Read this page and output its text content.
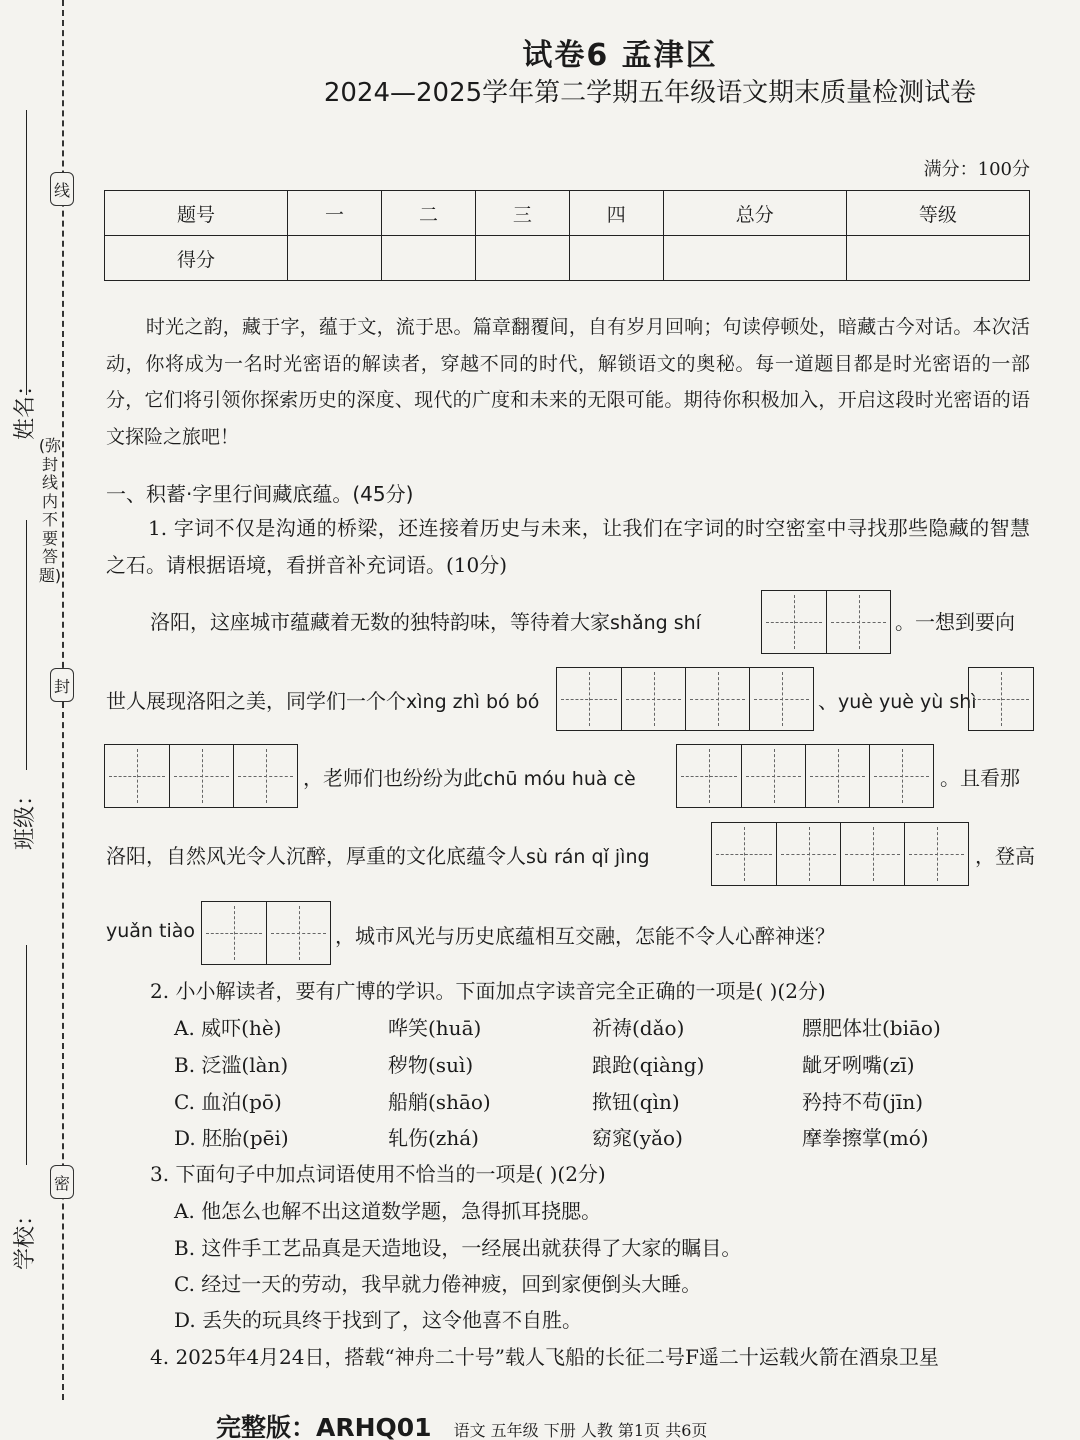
姓名：
班级：
学校：
线
(弥封线内不要答题)
封
密
试卷6 孟津区
2024—2025学年第二学期五年级语文期末质量检测试卷
满分：100分
题号	一	二	三	四	总分	等级
得分						
时光之韵，藏于字，蕴于文，流于思。篇章翻覆间，自有岁月回响；句读停顿处，暗藏古今对话。本次活动，你将成为一名时光密语的解读者，穿越不同的时代，解锁语文的奥秘。每一道题目都是时光密语的一部分，它们将引领你探索历史的深度、现代的广度和未来的无限可能。期待你积极加入，开启这段时光密语的语文探险之旅吧！
一、积蓄·字里行间藏底蕴。(45分)
1. 字词不仅是沟通的桥梁，还连接着历史与未来，让我们在字词的时空密室中寻找那些隐藏的智慧之石。请根据语境，看拼音补充词语。(10分)
洛阳，这座城市蕴藏着无数的独特韵味，等待着大家shǎng shí	。一想到要向
世人展现洛阳之美，同学们一个个xìng zhì bó bó	、yuè yuè yù shì
，老师们也纷纷为此chū móu huà cè	。且看那
洛阳，自然风光令人沉醉，厚重的文化底蕴令人sù rán qǐ jìng	，登高
yuǎn tiào	，城市风光与历史底蕴相互交融，怎能不令人心醉神迷？
2. 小小解读者，要有广博的学识。下面加点字读音完全正确的一项是( )(2分)
A. 威吓(hè)	哗笑(huā)	祈祷(dǎo)	膘肥体壮(biāo)
B. 泛滥(làn)	秽物(suì)	踉跄(qiàng)	龇牙咧嘴(zī)
C. 血泊(pō)	船艄(shāo)	揿钮(qìn)	矜持不苟(jīn)
D. 胚胎(pēi)	轧伤(zhá)	窈窕(yǎo)	摩拳擦掌(mó)
3. 下面句子中加点词语使用不恰当的一项是( )(2分)
A. 他怎么也解不出这道数学题，急得抓耳挠腮。
B. 这件手工艺品真是天造地设，一经展出就获得了大家的瞩目。
C. 经过一天的劳动，我早就力倦神疲，回到家便倒头大睡。
D. 丢失的玩具终于找到了，这令他喜不自胜。
4. 2025年4月24日，搭载“神舟二十号”载人飞船的长征二号F遥二十运载火箭在酒泉卫星
完整版：ARHQ01 语文 五年级 下册 人教 第1页 共6页
